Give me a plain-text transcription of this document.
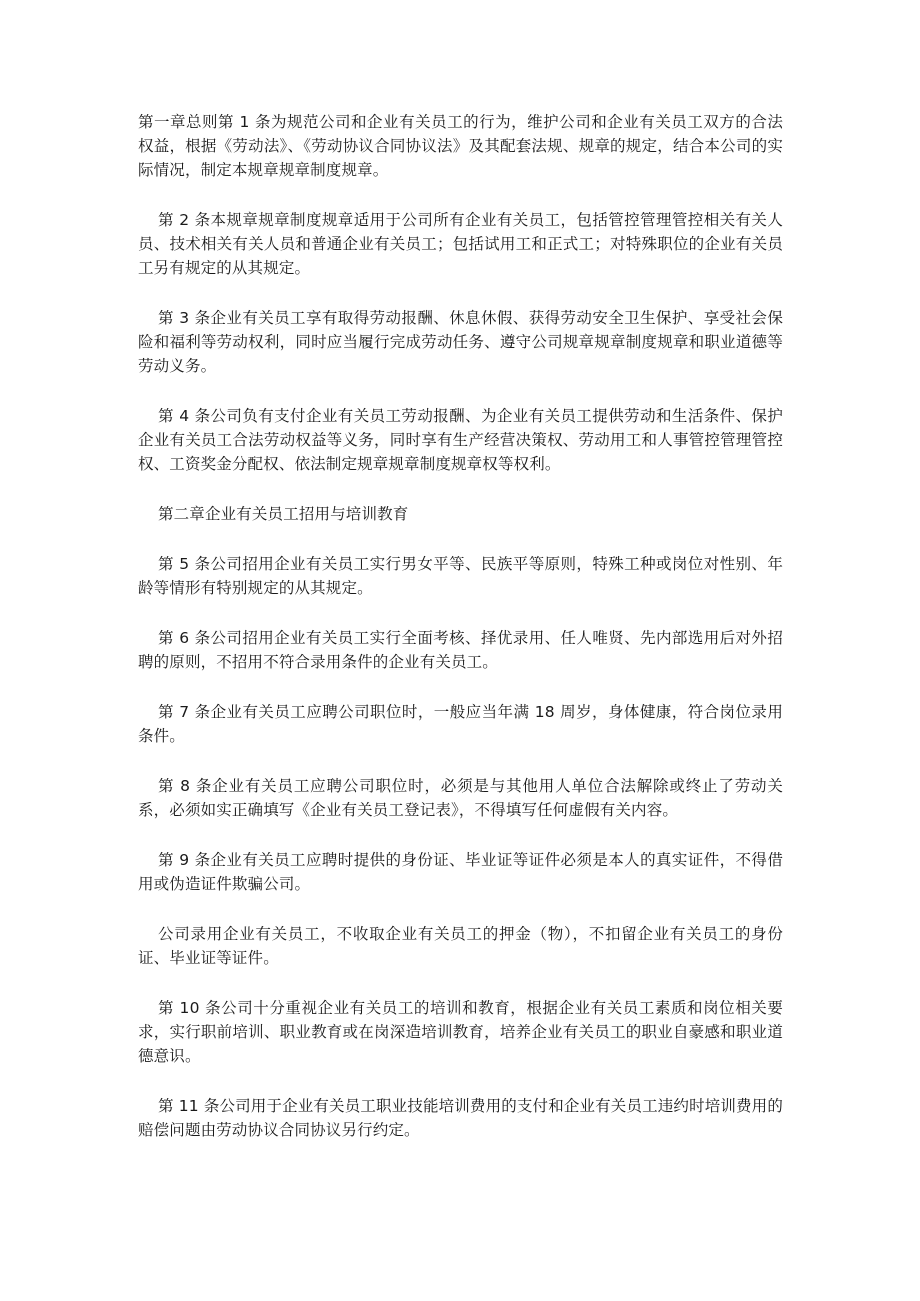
第一章总则第 1 条为规范公司和企业有关员工的行为，维护公司和企业有关员工双方的合法权益，根据《劳动法》、《劳动协议合同协议法》及其配套法规、规章的规定，结合本公司的实际情况，制定本规章规章制度规章。

第 2 条本规章规章制度规章适用于公司所有企业有关员工，包括管控管理管控相关有关人员、技术相关有关人员和普通企业有关员工；包括试用工和正式工；对特殊职位的企业有关员工另有规定的从其规定。

第 3 条企业有关员工享有取得劳动报酬、休息休假、获得劳动安全卫生保护、享受社会保险和福利等劳动权利，同时应当履行完成劳动任务、遵守公司规章规章制度规章和职业道德等劳动义务。

第 4 条公司负有支付企业有关员工劳动报酬、为企业有关员工提供劳动和生活条件、保护企业有关员工合法劳动权益等义务，同时享有生产经营决策权、劳动用工和人事管控管理管控权、工资奖金分配权、依法制定规章规章制度规章权等权利。

第二章企业有关员工招用与培训教育

第 5 条公司招用企业有关员工实行男女平等、民族平等原则，特殊工种或岗位对性别、年龄等情形有特别规定的从其规定。

第 6 条公司招用企业有关员工实行全面考核、择优录用、任人唯贤、先内部选用后对外招聘的原则，不招用不符合录用条件的企业有关员工。

第 7 条企业有关员工应聘公司职位时，一般应当年满 18 周岁，身体健康，符合岗位录用条件。

第 8 条企业有关员工应聘公司职位时，必须是与其他用人单位合法解除或终止了劳动关系，必须如实正确填写《企业有关员工登记表》，不得填写任何虚假有关内容。

第 9 条企业有关员工应聘时提供的身份证、毕业证等证件必须是本人的真实证件，不得借用或伪造证件欺骗公司。

公司录用企业有关员工，不收取企业有关员工的押金（物），不扣留企业有关员工的身份证、毕业证等证件。

第 10 条公司十分重视企业有关员工的培训和教育，根据企业有关员工素质和岗位相关要求，实行职前培训、职业教育或在岗深造培训教育，培养企业有关员工的职业自豪感和职业道德意识。

第 11 条公司用于企业有关员工职业技能培训费用的支付和企业有关员工违约时培训费用的赔偿问题由劳动协议合同协议另行约定。
